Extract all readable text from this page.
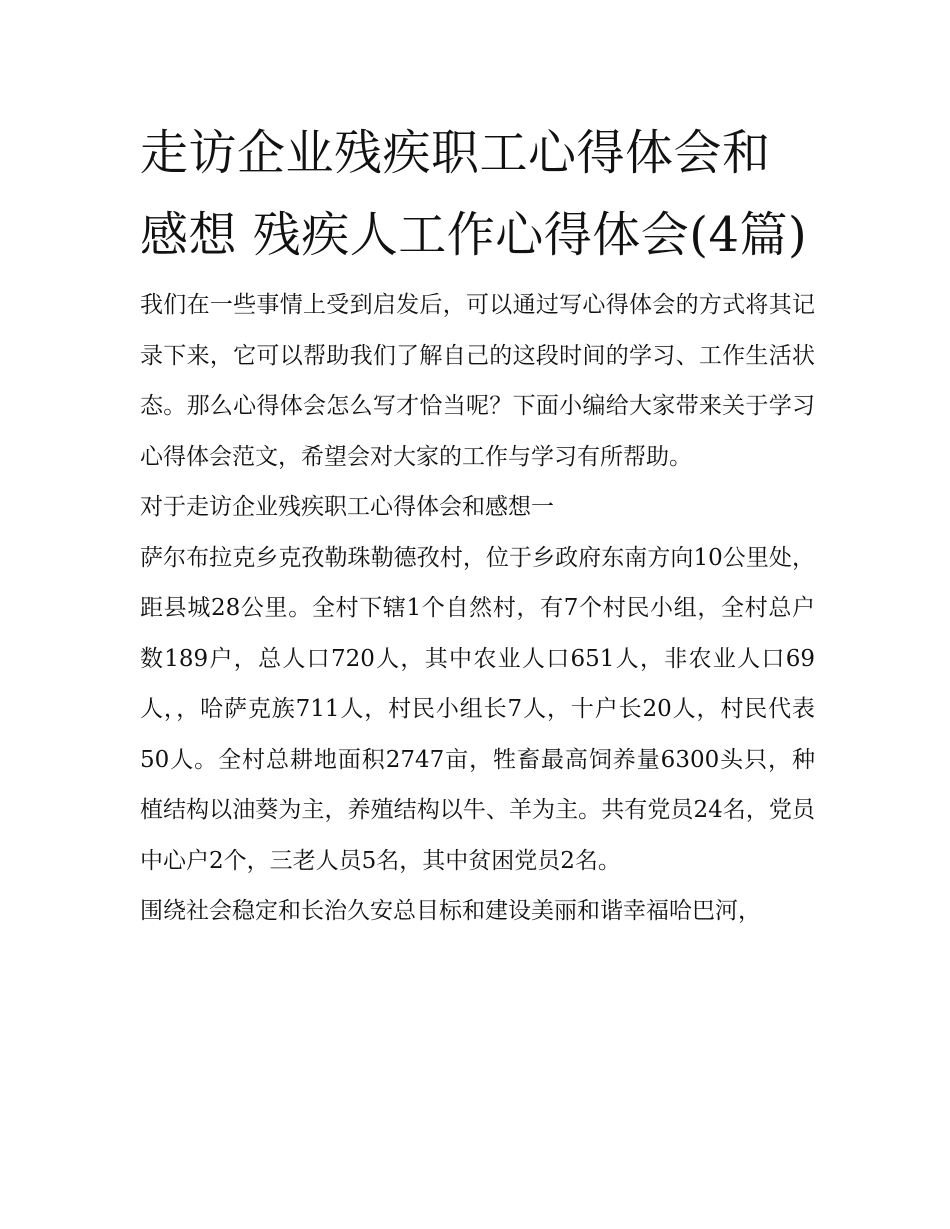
走访企业残疾职工心得体会和感想 残疾人工作心得体会(4篇)

我们在一些事情上受到启发后，可以通过写心得体会的方式将其记录下来，它可以帮助我们了解自己的这段时间的学习、工作生活状态。那么心得体会怎么写才恰当呢？下面小编给大家带来关于学习心得体会范文，希望会对大家的工作与学习有所帮助。

对于走访企业残疾职工心得体会和感想一

萨尔布拉克乡克孜勒珠勒德孜村，位于乡政府东南方向10公里处，距县城28公里。全村下辖1个自然村，有7个村民小组，全村总户数189户，总人口720人，其中农业人口651人，非农业人口69人，，哈萨克族711人，村民小组长7人，十户长20人，村民代表50人。全村总耕地面积2747亩，牲畜最高饲养量6300头只，种植结构以油葵为主，养殖结构以牛、羊为主。共有党员24名，党员中心户2个，三老人员5名，其中贫困党员2名。

围绕社会稳定和长治久安总目标和建设美丽和谐幸福哈巴河，
